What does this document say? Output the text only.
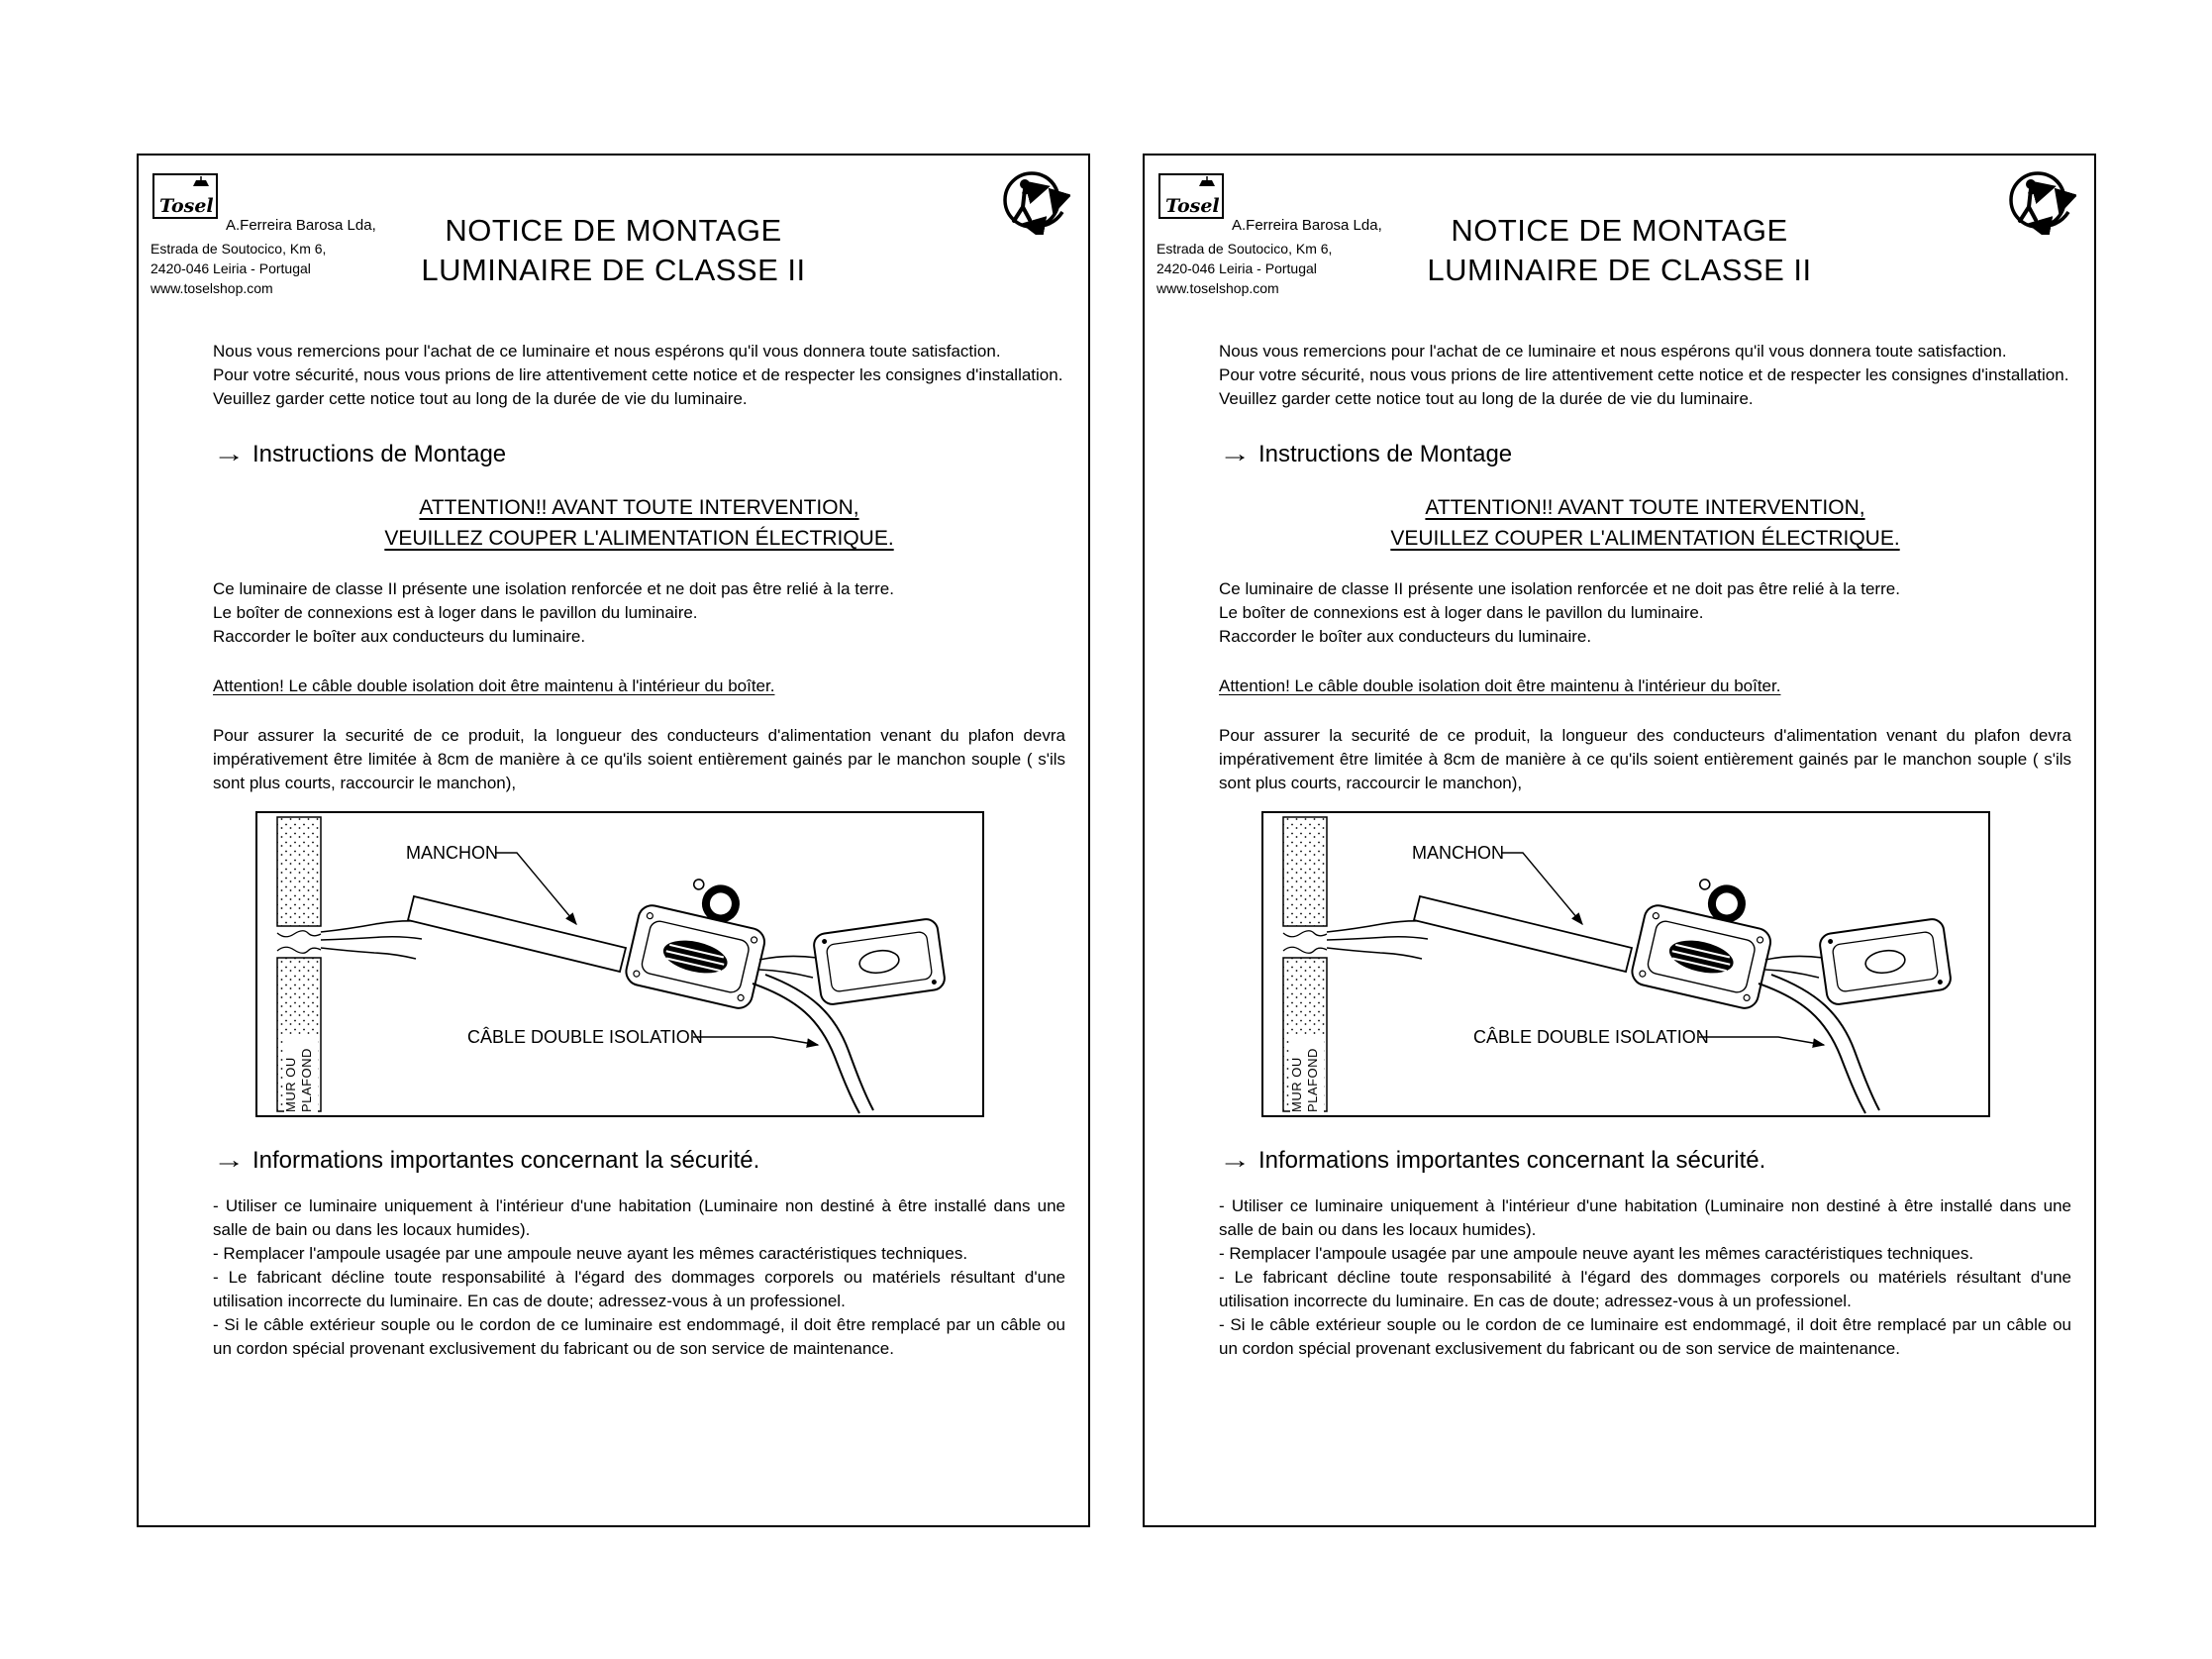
Tosel
A.Ferreira Barosa Lda,
Estrada de Soutocico, Km 6,
2420-046 Leiria - Portugal
www.toselshop.com
NOTICE DE MONTAGE
LUMINAIRE DE CLASSE II

Nous vous remercions pour l'achat de ce luminaire et nous espérons qu'il vous donnera toute satisfaction.

Pour votre sécurité, nous vous prions de lire attentivement cette notice et de respecter les consignes d'installation.

Veuillez garder cette notice tout au long de la durée de vie du luminaire.

→ Instructions de Montage
ATTENTION!! AVANT TOUTE INTERVENTION,
VEUILLEZ COUPER L'ALIMENTATION ÉLECTRIQUE.
Ce luminaire de classe II présente une isolation renforcée et ne doit pas être relié à la terre.
Le boîter de connexions est à loger dans le pavillon du luminaire.
Raccorder le boîter aux conducteurs du luminaire.

Attention! Le câble double isolation doit être maintenu à l'intérieur du boîter.

Pour assurer la securité de ce produit, la longueur des conducteurs d'alimentation venant du plafon devra impérativement être limitée à 8cm de manière à ce qu'ils soient entièrement gainés par le manchon souple ( s'ils sont plus courts, raccourcir le manchon),

MANCHON
CÂBLE DOUBLE ISOLATION
MUR OU PLAFOND
→ Informations importantes concernant la sécurité.

- Utiliser ce luminaire uniquement à l'intérieur d'une habitation (Luminaire non destiné à être installé dans une salle de bain ou dans les locaux humides).

- Remplacer l'ampoule usagée par une ampoule neuve ayant les mêmes caractéristiques techniques.

- Le fabricant décline toute responsabilité à l'égard des dommages corporels ou matériels résultant d'une utilisation incorrecte du luminaire. En cas de doute; adressez-vous à un professionel.

- Si le câble extérieur souple ou le cordon de ce luminaire est endommagé, il doit être remplacé par un câble ou un cordon spécial provenant exclusivement du fabricant ou de son service de maintenance.

Tosel
A.Ferreira Barosa Lda,
Estrada de Soutocico, Km 6,
2420-046 Leiria - Portugal
www.toselshop.com
NOTICE DE MONTAGE
LUMINAIRE DE CLASSE II

Nous vous remercions pour l'achat de ce luminaire et nous espérons qu'il vous donnera toute satisfaction.

Pour votre sécurité, nous vous prions de lire attentivement cette notice et de respecter les consignes d'installation.

Veuillez garder cette notice tout au long de la durée de vie du luminaire.

→ Instructions de Montage
ATTENTION!! AVANT TOUTE INTERVENTION,
VEUILLEZ COUPER L'ALIMENTATION ÉLECTRIQUE.
Ce luminaire de classe II présente une isolation renforcée et ne doit pas être relié à la terre.
Le boîter de connexions est à loger dans le pavillon du luminaire.
Raccorder le boîter aux conducteurs du luminaire.

Attention! Le câble double isolation doit être maintenu à l'intérieur du boîter.

Pour assurer la securité de ce produit, la longueur des conducteurs d'alimentation venant du plafon devra impérativement être limitée à 8cm de manière à ce qu'ils soient entièrement gainés par le manchon souple ( s'ils sont plus courts, raccourcir le manchon),

MANCHON
CÂBLE DOUBLE ISOLATION
MUR OU PLAFOND
→ Informations importantes concernant la sécurité.

- Utiliser ce luminaire uniquement à l'intérieur d'une habitation (Luminaire non destiné à être installé dans une salle de bain ou dans les locaux humides).

- Remplacer l'ampoule usagée par une ampoule neuve ayant les mêmes caractéristiques techniques.

- Le fabricant décline toute responsabilité à l'égard des dommages corporels ou matériels résultant d'une utilisation incorrecte du luminaire. En cas de doute; adressez-vous à un professionel.

- Si le câble extérieur souple ou le cordon de ce luminaire est endommagé, il doit être remplacé par un câble ou un cordon spécial provenant exclusivement du fabricant ou de son service de maintenance.
